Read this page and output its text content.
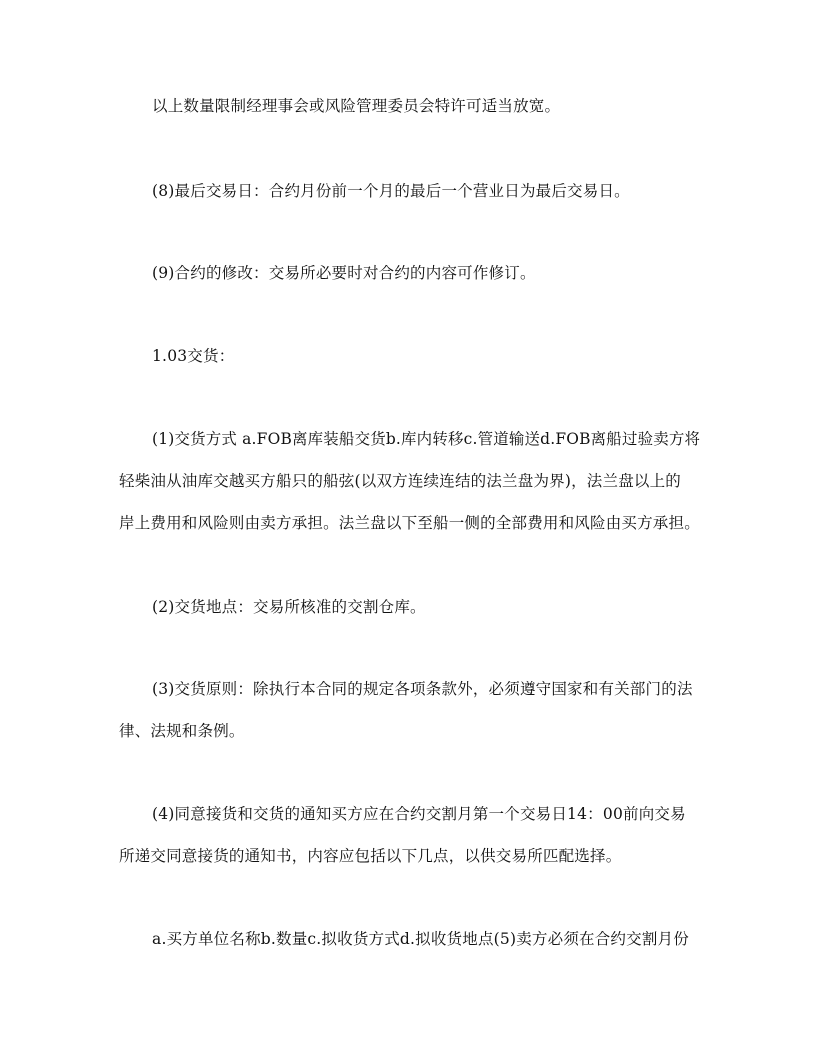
以上数量限制经理事会或风险管理委员会特许可适当放宽。
(8)最后交易日：合约月份前一个月的最后一个营业日为最后交易日。
(9)合约的修改：交易所必要时对合约的内容可作修订。
1.03交货：
(1)交货方式 a.FOB离库装船交货b.库内转移c.管道输送d.FOB离船过验卖方将
轻柴油从油库交越买方船只的船弦(以双方连续连结的法兰盘为界)，法兰盘以上的
岸上费用和风险则由卖方承担。法兰盘以下至船一侧的全部费用和风险由买方承担。
(2)交货地点：交易所核准的交割仓库。
(3)交货原则：除执行本合同的规定各项条款外，必须遵守国家和有关部门的法
律、法规和条例。
(4)同意接货和交货的通知买方应在合约交割月第一个交易日14：00前向交易
所递交同意接货的通知书，内容应包括以下几点，以供交易所匹配选择。
a.买方单位名称b.数量c.拟收货方式d.拟收货地点(5)卖方必须在合约交割月份
